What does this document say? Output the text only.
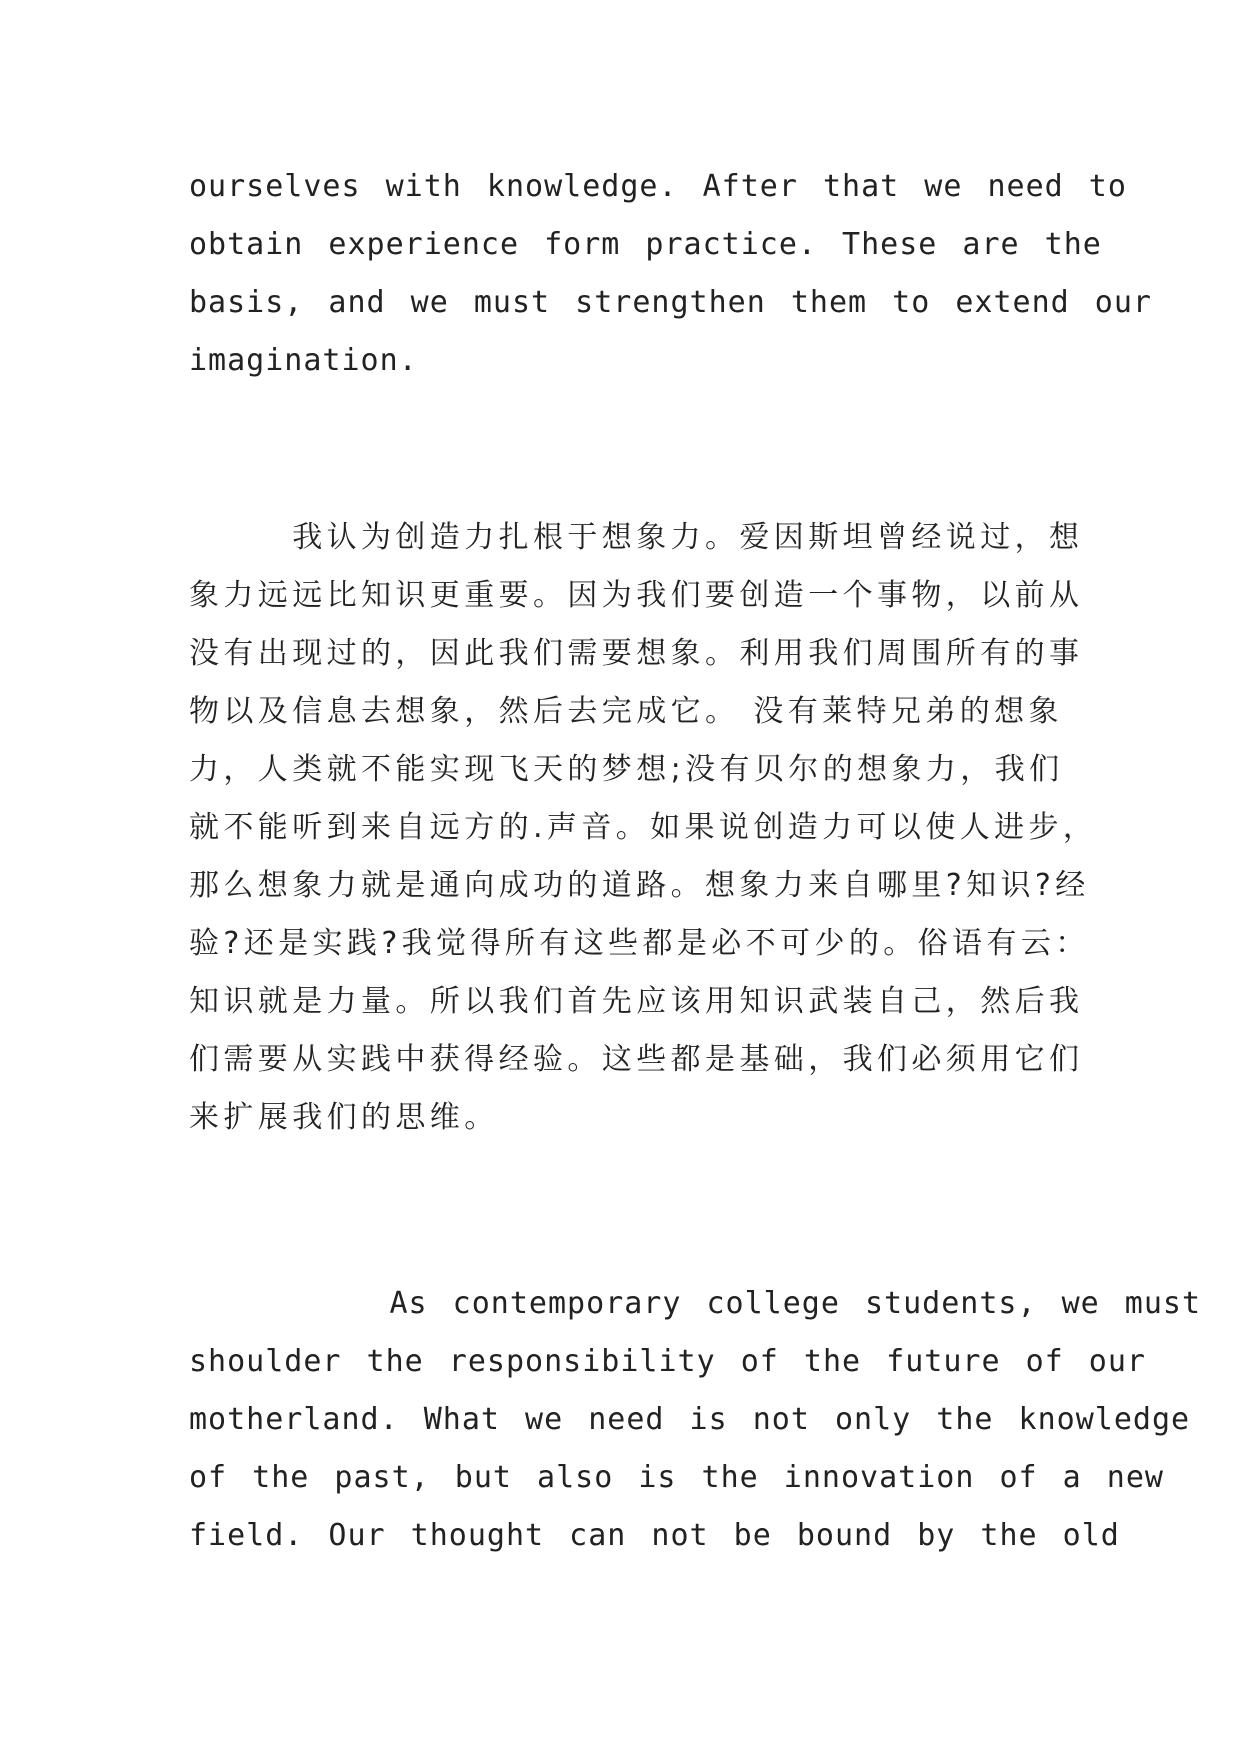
ourselves with knowledge. After that we need to
obtain experience form practice. These are the
basis, and we must strengthen them to extend our
imagination.
　　　我认为创造力扎根于想象力。爱因斯坦曾经说过，想
象力远远比知识更重要。因为我们要创造一个事物，以前从
没有出现过的，因此我们需要想象。利用我们周围所有的事
物以及信息去想象，然后去完成它。 没有莱特兄弟的想象
力，人类就不能实现飞天的梦想;没有贝尔的想象力，我们
就不能听到来自远方的.声音。如果说创造力可以使人进步，
那么想象力就是通向成功的道路。想象力来自哪里?知识?经
验?还是实践?我觉得所有这些都是必不可少的。俗语有云：
知识就是力量。所以我们首先应该用知识武装自己，然后我
们需要从实践中获得经验。这些都是基础，我们必须用它们
来扩展我们的思维。
As contemporary college students, we must
shoulder the responsibility of the future of our
motherland. What we need is not only the knowledge
of the past, but also is the innovation of a new
field. Our thought can not be bound by the old
